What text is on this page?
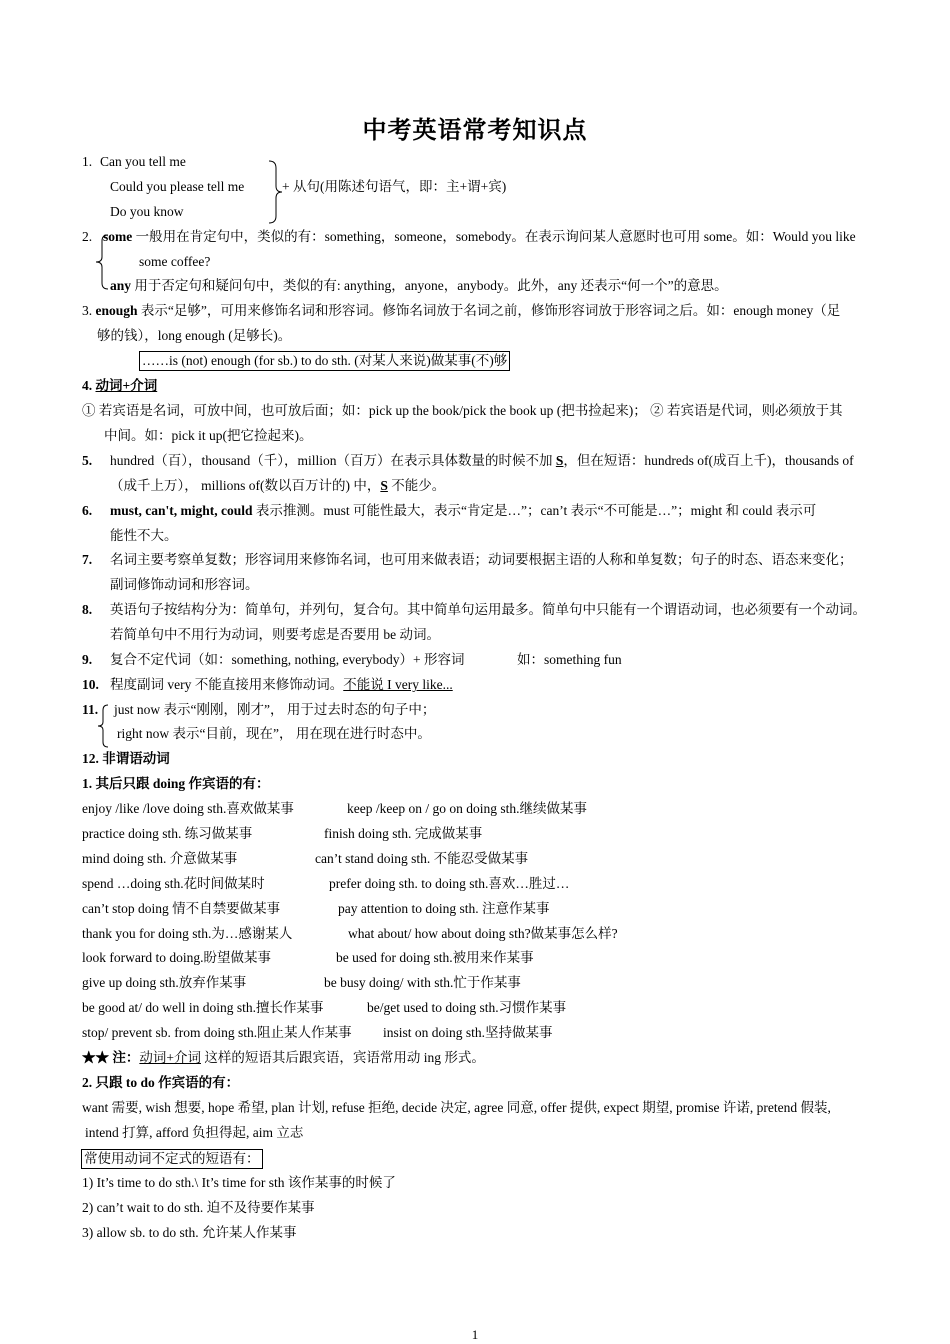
中考英语常考知识点
1. Can you tell me
Could you please tell me
Do you know
+ 从句(用陈述句语气，即：主+谓+宾)
2. some 一般用在肯定句中，类似的有：something，someone，somebody。在表示询问某人意愿时也可用 some。如：Would you like
some coffee?
any 用于否定句和疑问句中，类似的有: anything，anyone，anybody。此外，any 还表示“何一个”的意思。
3. enough 表示“足够”，可用来修饰名词和形容词。修饰名词放于名词之前，修饰形容词放于形容词之后。如：enough money（足
够的钱），long enough (足够长)。
……is (not) enough (for sb.) to do sth. (对某人来说)做某事(不)够
4. 动词+介词
① 若宾语是名词，可放中间，也可放后面；如：pick up the book/pick the book up (把书捡起来)； ② 若宾语是代词，则必须放于其
中间。如：pick it up(把它捡起来)。
5. hundred（百），thousand（千），million（百万）在表示具体数量的时候不加 S，但在短语：hundreds of(成百上千)，thousands of
（成千上万）， millions of(数以百万计的) 中，S 不能少。
6. must, can't, might, could 表示推测。must 可能性最大，表示“肯定是…”；can’t 表示“不可能是…”；might 和 could 表示可
能性不大。
7. 名词主要考察单复数；形容词用来修饰名词，也可用来做表语；动词要根据主语的人称和单复数；句子的时态、语态来变化；
副词修饰动词和形容词。
8. 英语句子按结构分为：简单句，并列句，复合句。其中简单句运用最多。简单句中只能有一个谓语动词，也必须要有一个动词。
若简单句中不用行为动词，则要考虑是否要用 be 动词。
9. 复合不定代词（如：something, nothing, everybody）+ 形容词	如：something fun
10. 程度副词 very 不能直接用来修饰动词。不能说 I very like...
11. just now 表示“刚刚，刚才”， 用于过去时态的句子中；
right now 表示“目前，现在”， 用在现在进行时态中。
12. 非谓语动词
1. 其后只跟 doing 作宾语的有：
enjoy /like /love doing sth.喜欢做某事	keep /keep on / go on doing sth.继续做某事
practice doing sth. 练习做某事	finish doing sth. 完成做某事
mind doing sth. 介意做某事	can’t stand doing sth. 不能忍受做某事
spend …doing sth.花时间做某时	prefer doing sth. to doing sth.喜欢…胜过…
can’t stop doing 情不自禁要做某事	pay attention to doing sth. 注意作某事
thank you for doing sth.为…感谢某人	what about/ how about doing sth?做某事怎么样?
look forward to doing.盼望做某事	be used for doing sth.被用来作某事
give up doing sth.放弃作某事	be busy doing/ with sth.忙于作某事
be good at/ do well in doing sth.擅长作某事	be/get used to doing sth.习惯作某事
stop/ prevent sb. from doing sth.阻止某人作某事 insist on doing sth.坚持做某事
★★ 注：动词+介词 这样的短语其后跟宾语，宾语常用动 ing 形式。
2. 只跟 to do 作宾语的有：
want 需要, wish 想要, hope 希望, plan 计划, refuse 拒绝, decide 决定, agree 同意, offer 提供, expect 期望, promise 许诺, pretend 假装,
intend 打算, afford 负担得起, aim 立志
常使用动词不定式的短语有：
1) It’s time to do sth.\ It’s time for sth 该作某事的时候了
2) can’t wait to do sth. 迫不及待要作某事
3) allow sb. to do sth. 允许某人作某事
1
